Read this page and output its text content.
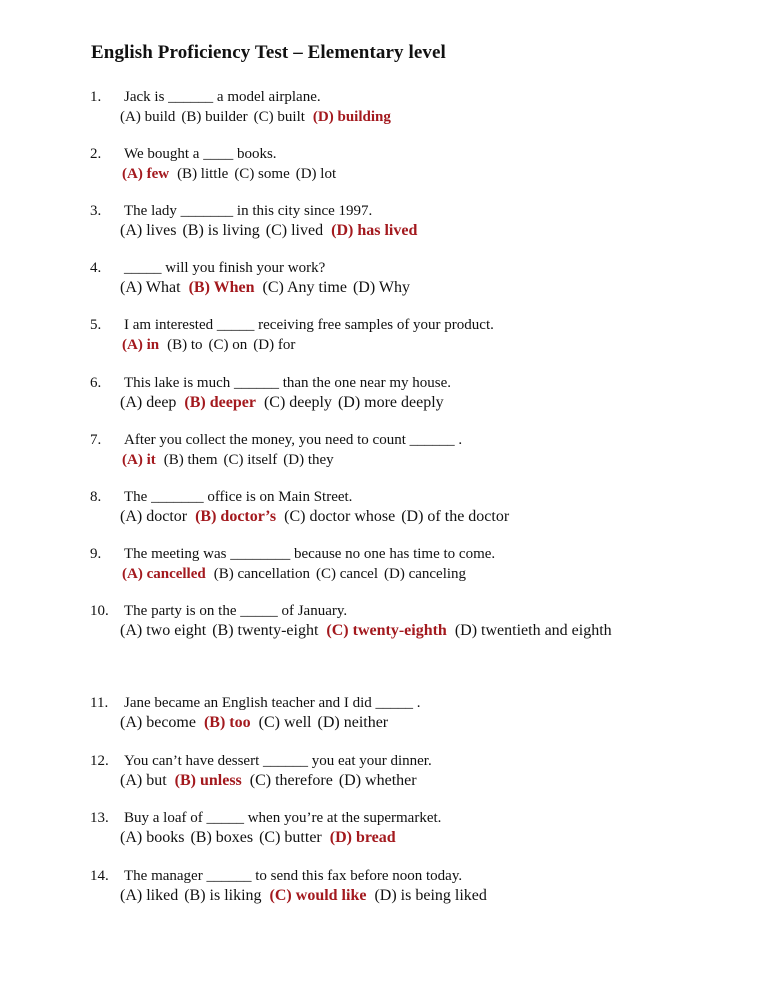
English Proficiency Test – Elementary level
1. Jack is ______ a model airplane.
(A) build (B) builder (C) built (D) building
2. We bought a ____ books.
(A) few (B) little (C) some (D) lot
3. The lady _______ in this city since 1997.
(A) lives (B) is living (C) lived (D) has lived
4. _____ will you finish your work?
(A) What (B) When (C) Any time (D) Why
5. I am interested _____ receiving free samples of your product.
(A) in (B) to (C) on (D) for
6. This lake is much ______ than the one near my house.
(A) deep (B) deeper (C) deeply (D) more deeply
7. After you collect the money, you need to count ______ .
(A) it (B) them (C) itself (D) they
8. The _______ office is on Main Street.
(A) doctor (B) doctor’s (C) doctor whose (D) of the doctor
9. The meeting was ________ because no one has time to come.
(A) cancelled (B) cancellation (C) cancel (D) canceling
10. The party is on the _____ of January.
(A) two eight (B) twenty-eight (C) twenty-eighth (D) twentieth and eighth
11. Jane became an English teacher and I did _____ .
(A) become (B) too (C) well (D) neither
12. You can’t have dessert ______ you eat your dinner.
(A) but (B) unless (C) therefore (D) whether
13. Buy a loaf of _____ when you’re at the supermarket.
(A) books (B) boxes (C) butter (D) bread
14. The manager ______ to send this fax before noon today.
(A) liked (B) is liking (C) would like (D) is being liked
